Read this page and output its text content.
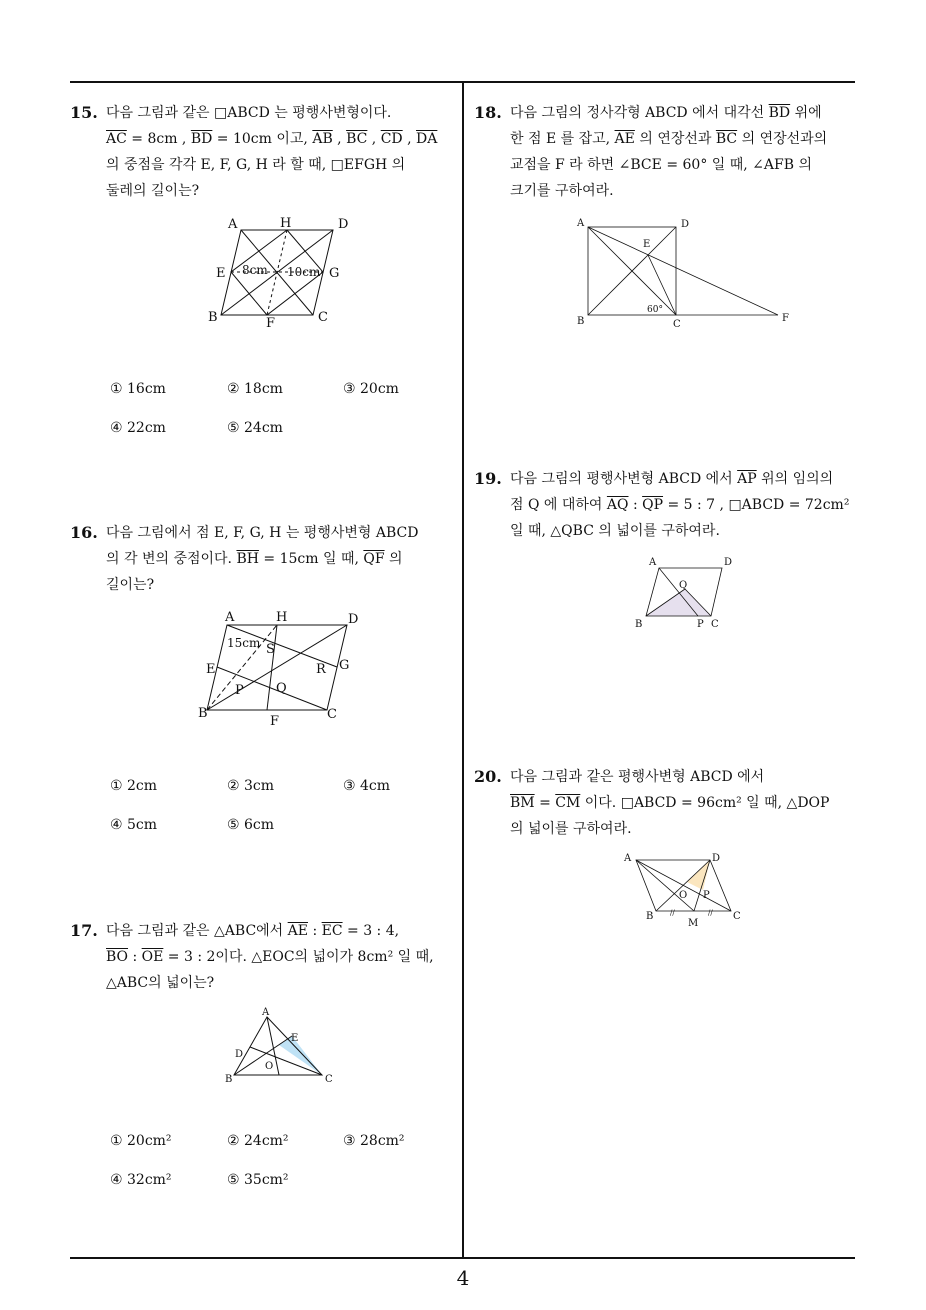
15. 다음 그림과 같은 □ABCD 는 평행사변형이다.
$\overline{AC} = 8cm$ , $\overline{BD} = 10cm$ 이고, $\overline{AB}$ , $\overline{BC}$ , $\overline{CD}$ , $\overline{DA}$
의 중점을 각각 E, F, G, H 라 할 때, □EFGH 의
둘레의 길이는?
A	H	D
E	G
8cm 10cm
B	F	C
① 16cm	② 18cm	③ 20cm
④ 22cm	⑤ 24cm
16. 다음 그림에서 점 E, F, G, H 는 평행사변형 ABCD
의 각 변의 중점이다. $\overline{BH} = 15cm$ 일 때, $\overline{QF}$ 의
길이는?
A	H	D
15cm S
E	R G
P Q
B
F	C
① 2cm	② 3cm	③ 4cm
④ 5cm	⑤ 6cm
17. 다음 그림과 같은 △ABC에서 $\overline{AE}$ : $\overline{EC} = 3$ : 4,
$\overline{BO}$ : $\overline{OE} = 3$ : 2이다. △EOC의 넓이가 8cm² 일 때,
△ABC의 넓이는?
A
E
D
O
B	C
① 20cm²	② 24cm²	③ 28cm²
④ 32cm²	⑤ 35cm²
18. 다음 그림의 정사각형 ABCD 에서 대각선 $\overline{BD}$ 위에
한 점 E 를 잡고, $\overline{AE}$ 의 연장선과 $\overline{BC}$ 의 연장선과의
교점을 F 라 하면 ∠BCE = 60° 일 때, ∠AFB 의
크기를 구하여라.
A	D
E
B
60°
C
F
19. 다음 그림의 평행사변형 ABCD 에서 $\overline{AP}$ 위의 임의의
점 Q 에 대하여 $\overline{AQ}$ : $\overline{QP} = 5$ : 7 , □ABCD = 72cm²
일 때, △QBC 의 넓이를 구하여라.
A	D
Q
B	P C
20. 다음 그림과 같은 평행사변형 ABCD 에서
$\overline{BM} = \overline{CM}$ 이다. □ABCD = 96cm² 일 때, △DOP
의 넓이를 구하여라.
A	D
O P
B //	//
M
C
4
